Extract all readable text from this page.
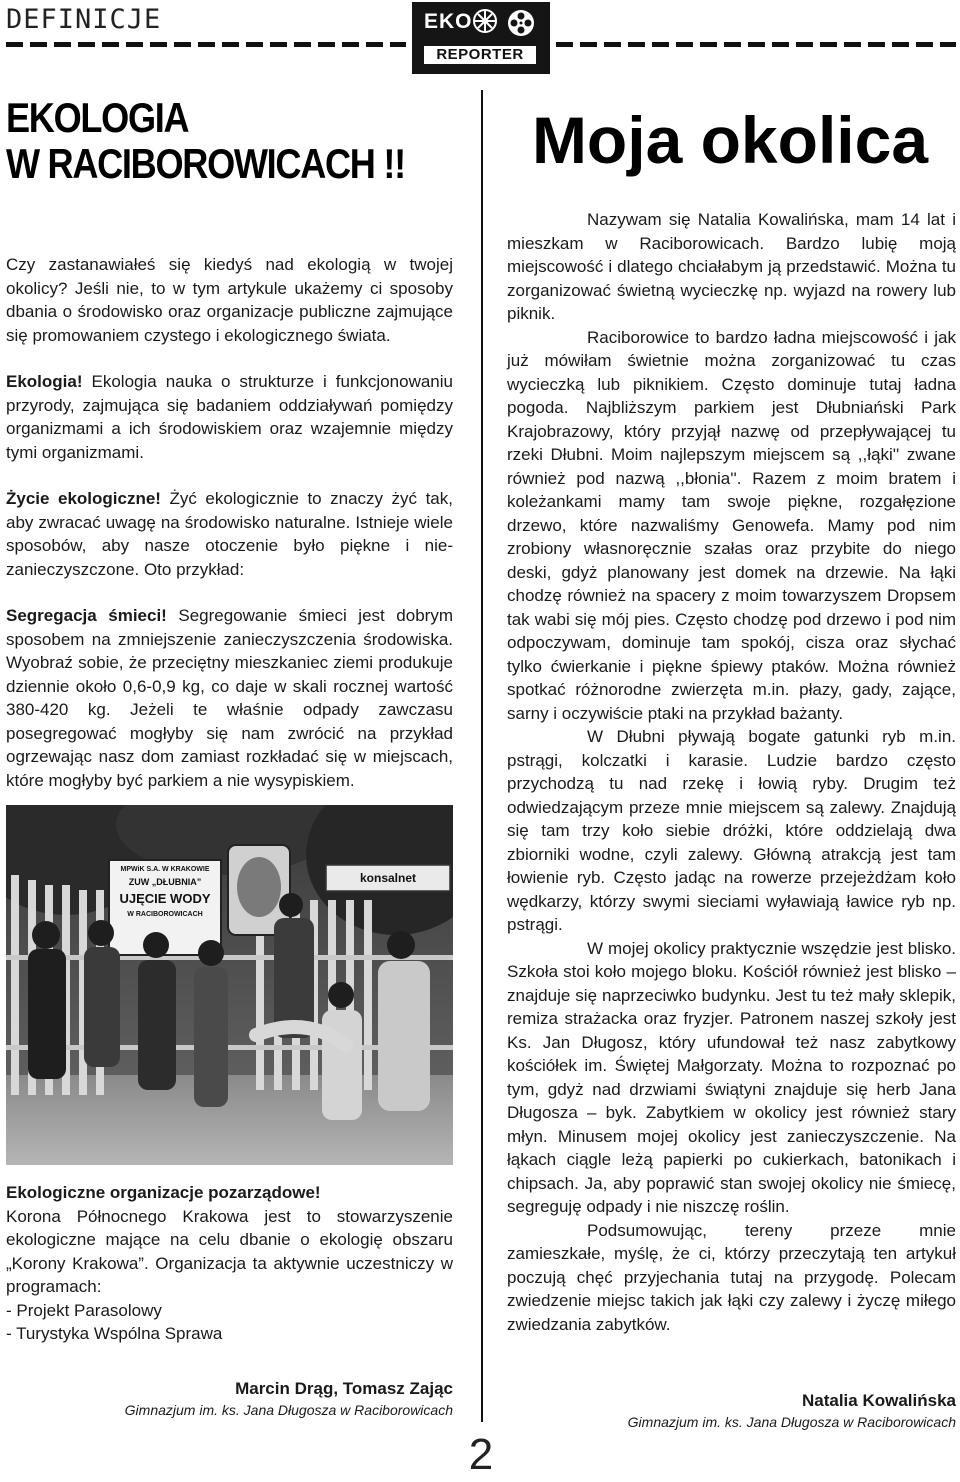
DEFINICJE	EKO
REPORTER
EKOLOGIA
W RACIBOROWICACH !!

Czy zastanawiałeś się kiedyś nad ekologią w twojej okolicy? Jeśli nie, to w tym artykule ukażemy ci sposoby dbania o środowisko oraz organizacje publiczne zajmujące się promowaniem czystego i ekologicznego świata.

Ekologia! Ekologia nauka o strukturze i funkcjonowaniu przyrody, zajmująca się badaniem oddziaływań pomiędzy organizmami a ich środowiskiem oraz wzajemnie między tymi organizmami.

Życie ekologiczne! Żyć ekologicznie to znaczy żyć tak, aby zwracać uwagę na środowisko naturalne. Istnieje wiele sposobów, aby nasze otoczenie było piękne i nie-zanieczyszczone. Oto przykład:

Segregacja śmieci! Segregowanie śmieci jest dobrym sposobem na zmniejszenie zanieczyszczenia środowiska. Wyobraź sobie, że przeciętny mieszkaniec ziemi produkuje dziennie około 0,6-0,9 kg, co daje w skali rocznej wartość 380-420 kg. Jeżeli te właśnie odpady zawczasu posegregować mogłyby się nam zwrócić na przykład ogrzewając nasz dom zamiast rozkładać się w miejscach, które mogłyby być parkiem a nie wysypiskiem.

MPWiK S.A. W KRAKOWIE
ZUW „DŁUBNIA”
UJĘCIE WODY
W RACIBOROWICACH
konsalnet

Ekologiczne organizacje pozarządowe!
Korona Północnego Krakowa jest to stowarzyszenie ekologiczne mające na celu dbanie o ekologię obszaru „Korony Krakowa”. Organizacja ta aktywnie uczestniczy w programach:

- Projekt Parasolowy

- Turystyka Wspólna Sprawa

Marcin Drąg, Tomasz Zając
Gimnazjum im. ks. Jana Długosza w Raciborowicach
2
Moja okolica

Nazywam się Natalia Kowalińska, mam 14 lat i mieszkam w Raciborowicach. Bardzo lubię moją miejscowość i dlatego chciałabym ją przedstawić. Można tu zorganizować świetną wycieczkę np. wyjazd na rowery lub piknik.

Raciborowice to bardzo ładna miejscowość i jak już mówiłam świetnie można zorganizować tu czas wycieczką lub piknikiem. Często dominuje tutaj ładna pogoda. Najbliższym parkiem jest Dłubniański Park Krajobrazowy, który przyjął nazwę od przepływającej tu rzeki Dłubni. Moim najlepszym miejscem są ,,łąki'' zwane również pod nazwą ,,błonia''. Razem z moim bratem i koleżankami mamy tam swoje piękne, rozgałęzione drzewo, które nazwaliśmy Genowefa. Mamy pod nim zrobiony własnoręcznie szałas oraz przybite do niego deski, gdyż planowany jest domek na drzewie. Na łąki chodzę również na spacery z moim towarzyszem Dropsem tak wabi się mój pies. Często chodzę pod drzewo i pod nim odpoczywam, dominuje tam spokój, cisza oraz słychać tylko ćwierkanie i piękne śpiewy ptaków. Można również spotkać różnorodne zwierzęta m.in. płazy, gady, zające, sarny i oczywiście ptaki na przykład bażanty.

W Dłubni pływają bogate gatunki ryb m.in. pstrągi, kolczatki i karasie. Ludzie bardzo często przychodzą tu nad rzekę i łowią ryby. Drugim też odwiedzającym przeze mnie miejscem są zalewy. Znajdują się tam trzy koło siebie dróżki, które oddzielają dwa zbiorniki wodne, czyli zalewy. Główną atrakcją jest tam łowienie ryb. Często jadąc na rowerze przejeżdżam koło wędkarzy, którzy swymi sieciami wyławiają ławice ryb np. pstrągi.

W mojej okolicy praktycznie wszędzie jest blisko. Szkoła stoi koło mojego bloku. Kościół również jest blisko – znajduje się naprzeciwko budynku. Jest tu też mały sklepik, remiza strażacka oraz fryzjer. Patronem naszej szkoły jest Ks. Jan Długosz, który ufundował też nasz zabytkowy kościółek im. Świętej Małgorzaty. Można to rozpoznać po tym, gdyż nad drzwiami świątyni znajduje się herb Jana Długosza – byk. Zabytkiem w okolicy jest również stary młyn. Minusem mojej okolicy jest zanieczyszczenie. Na łąkach ciągle leżą papierki po cukierkach, batonikach i chipsach. Ja, aby poprawić stan swojej okolicy nie śmiecę, segreguję odpady i nie niszczę roślin.

Podsumowując, tereny przeze mnie zamieszkałe, myślę, że ci, którzy przeczytają ten artykuł poczują chęć przyjechania tutaj na przygodę. Polecam zwiedzenie miejsc takich jak łąki czy zalewy i życzę miłego zwiedzania zabytków.

Natalia Kowalińska
Gimnazjum im. ks. Jana Długosza w Raciborowicach
